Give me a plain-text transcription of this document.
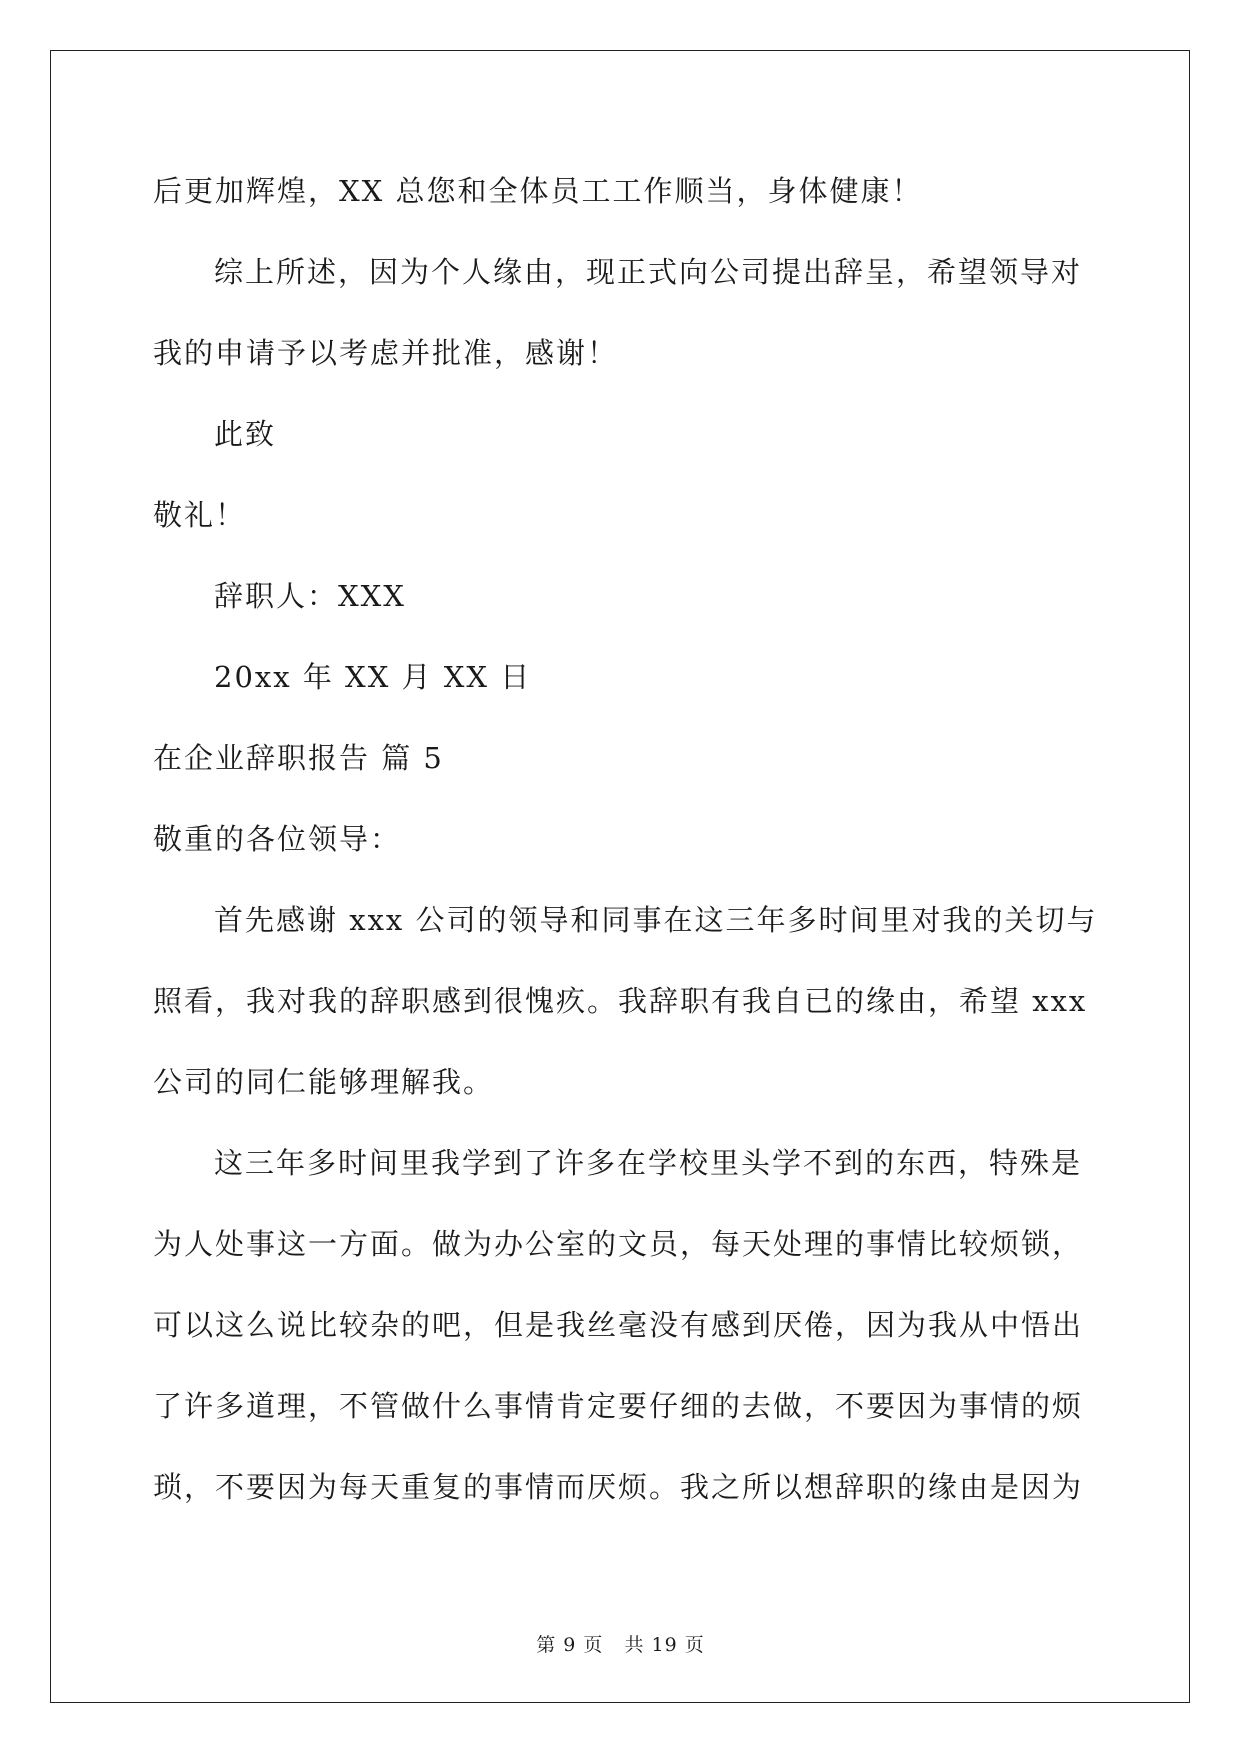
后更加辉煌，XX 总您和全体员工工作顺当，身体健康！
综上所述，因为个人缘由，现正式向公司提出辞呈，希望领导对
我的申请予以考虑并批准，感谢！
此致
敬礼！
辞职人：XXX
20xx 年 XX 月 XX 日
在企业辞职报告 篇 5
敬重的各位领导：
首先感谢 xxx 公司的领导和同事在这三年多时间里对我的关切与
照看，我对我的辞职感到很愧疚。我辞职有我自已的缘由，希望 xxx
公司的同仁能够理解我。
这三年多时间里我学到了许多在学校里头学不到的东西，特殊是
为人处事这一方面。做为办公室的文员，每天处理的事情比较烦锁，
可以这么说比较杂的吧，但是我丝毫没有感到厌倦，因为我从中悟出
了许多道理，不管做什么事情肯定要仔细的去做，不要因为事情的烦
琐，不要因为每天重复的事情而厌烦。我之所以想辞职的缘由是因为
第 9 页   共 19 页
